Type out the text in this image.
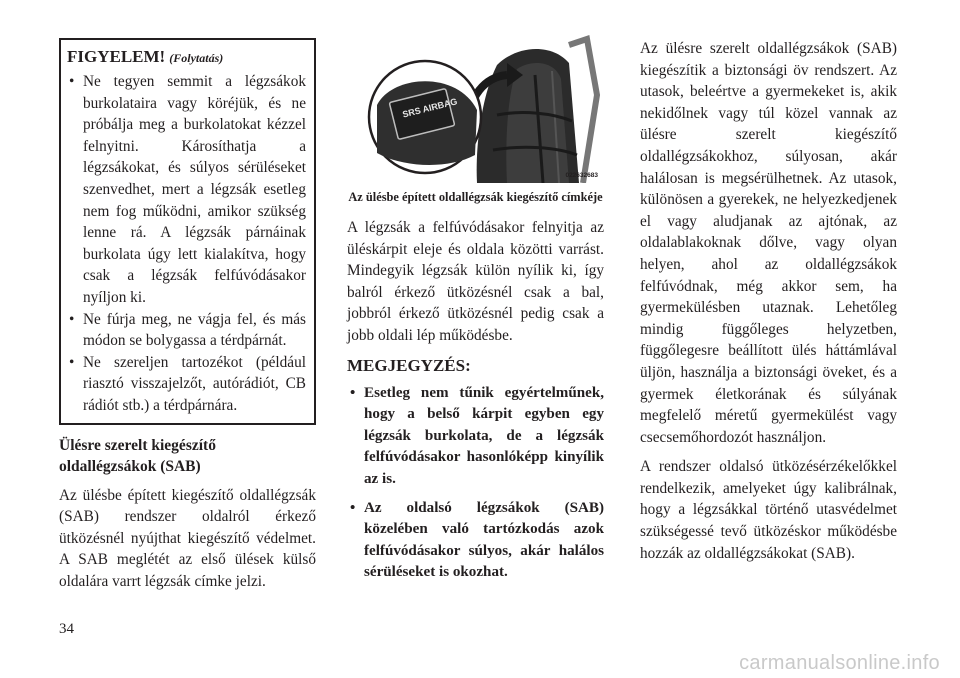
FIGYELEM! (Folytatás)
• Ne tegyen semmit a légzsákok burkolataira vagy köréjük, és ne próbálja meg a burkolatokat kézzel felnyitni. Károsíthatja a légzsákokat, és súlyos sérüléseket szenvedhet, mert a légzsák esetleg nem fog működni, amikor szükség lenne rá. A légzsák párnáinak burkolata úgy lett kialakítva, hogy csak a légzsák felfúvódásakor nyíljon ki.
• Ne fúrja meg, ne vágja fel, és más módon se bolygassa a térdpárnát.
• Ne szereljen tartozékot (például riasztó visszajelzőt, autórádiót, CB rádiót stb.) a térdpárnára.
Ülésre szerelt kiegészítő oldallégzsákok (SAB)

Az ülésbe épített kiegészítő oldallégzsák (SAB) rendszer oldalról érkező ütközésnél nyújthat kiegészítő védelmet. A SAB meglétét az első ülések külső oldalára varrt légzsák címke jelzi.

SRS AIRBAG
022632683
Az ülésbe épített oldallégzsák kiegészítő címkéje

A légzsák a felfúvódásakor felnyitja az üléskárpit eleje és oldala közötti varrást. Mindegyik légzsák külön nyílik ki, így balról érkező ütközésnél csak a bal, jobbról érkező ütközésnél pedig csak a jobb oldali lép működésbe.

MEGJEGYZÉS:
• Esetleg nem tűnik egyértelműnek, hogy a belső kárpit egyben egy légzsák burkolata, de a légzsák felfúvódásakor hasonlóképp kinyílik az is.
• Az oldalsó légzsákok (SAB) közelében való tartózkodás azok felfúvódásakor súlyos, akár halálos sérüléseket is okozhat.

Az ülésre szerelt oldallégzsákok (SAB) kiegészítik a biztonsági öv rendszert. Az utasok, beleértve a gyermekeket is, akik nekidőlnek vagy túl közel vannak az ülésre szerelt kiegészítő oldallégzsákokhoz, súlyosan, akár halálosan is megsérülhetnek. Az utasok, különösen a gyerekek, ne helyezkedjenek el vagy aludjanak az ajtónak, az oldalablakoknak dőlve, vagy olyan helyen, ahol az oldallégzsákok felfúvódnak, még akkor sem, ha gyermekülésben utaznak. Lehetőleg mindig függőleges helyzetben, függőlegesre beállított ülés háttámlával üljön, használja a biztonsági öveket, és a gyermek életkorának és súlyának megfelelő méretű gyermekülést vagy csecsemőhordozót használjon.

A rendszer oldalsó ütközésérzékelőkkel rendelkezik, amelyeket úgy kalibrálnak, hogy a légzsákkal történő utasvédelmet szükségessé tevő ütközéskor működésbe hozzák az oldallégzsákokat (SAB).

34
carmanualsonline.info
